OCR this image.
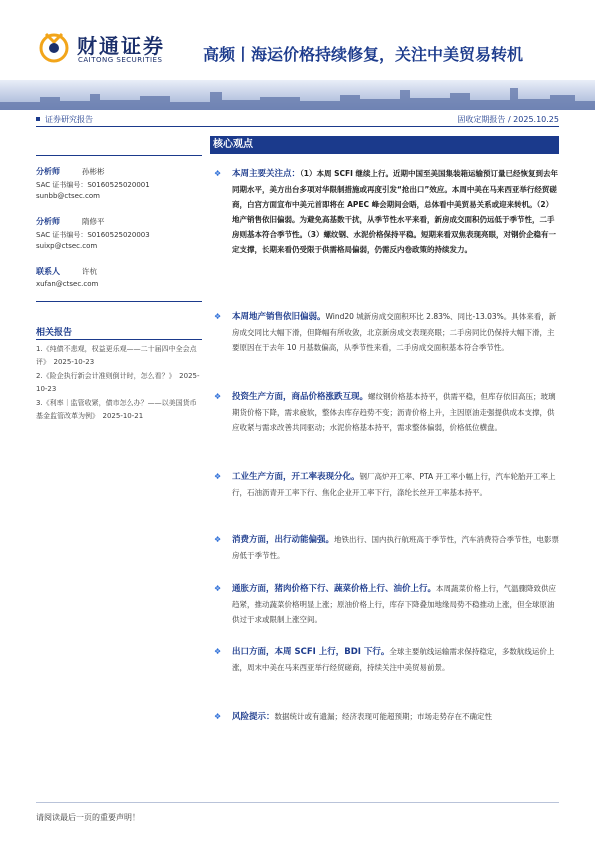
财通证券
CAITONG SECURITIES	高频丨海运价格持续修复，关注中美贸易转机
证券研究报告	固收定期报告 / 2025.10.25
分析师	孙彬彬
SAC 证书编号：S0160525020001
sunbb@ctsec.com
分析师	隋修平
SAC 证书编号：S0160525020003
suixp@ctsec.com
联系人	许杭
xufan@ctsec.com
相关报告
1.《纯债不悲观，权益更乐观——二十届四中全会点评》　2025-10-23
2.《险企执行新会计准则倒计时，怎么看？》　2025-10-23
3.《利率｜监管收紧，债市怎么办？——以美国货币基金监管改革为例》　2025-10-21
核心观点
❖ 本周主要关注点：（1）本周 SCFI 继续上行。近期中国至美国集装箱运输预订量已经恢复到去年同期水平，美方出台多项对华限制措施或再度引发“抢出口”效应。本周中美在马来西亚举行经贸磋商，白宫方面宣布中美元首即将在 APEC 峰会期间会晤，总体看中美贸易关系或迎来转机。（2）地产销售依旧偏弱。为避免高基数干扰，从季节性水平来看，新房成交面积仍远低于季节性，二手房则基本符合季节性。（3）螺纹钢、水泥价格保持平稳。短期来看双焦表现亮眼，对钢价企稳有一定支撑，长期来看仍受限于供需格局偏弱，仍需反内卷政策的持续发力。
❖ 本周地产销售依旧偏弱。Wind20 城新房成交面积环比 2.83%、同比-13.03%。具体来看，新房成交同比大幅下滑，但降幅有所收敛，北京新房成交表现亮眼；二手房同比仍保持大幅下滑，主要原因在于去年 10 月基数偏高，从季节性来看，二手房成交面积基本符合季节性。
❖ 投资生产方面，商品价格涨跌互现。螺纹钢价格基本持平，供需平稳，但库存依旧高压；玻璃期货价格下降，需求疲软，整体去库存趋势不变；沥青价格上升，主因原油走强提供成本支撑，供应收紧与需求改善共同驱动；水泥价格基本持平，需求整体偏弱，价格低位横盘。
❖ 工业生产方面，开工率表现分化。钢厂高炉开工率、PTA 开工率小幅上行，汽车轮胎开工率上行，石油沥青开工率下行、焦化企业开工率下行，涤纶长丝开工率基本持平。
❖ 消费方面，出行动能偏强。地铁出行、国内执行航班高于季节性，汽车消费符合季节性，电影票房低于季节性。
❖ 通胀方面，猪肉价格下行、蔬菜价格上行、油价上行。本周蔬菜价格上行，气温骤降致供应趋紧，推动蔬菜价格明显上涨；原油价格上行，库存下降叠加地缘局势不稳推动上涨，但全球原油供过于求或限制上涨空间。
❖ 出口方面，本周 SCFI 上行，BDI 下行。全球主要航线运输需求保持稳定，多数航线运价上涨，周末中美在马来西亚举行经贸磋商，持续关注中美贸易前景。
❖ 风险提示：数据统计或有遗漏；经济表现可能超预期；市场走势存在不确定性
请阅读最后一页的重要声明！
